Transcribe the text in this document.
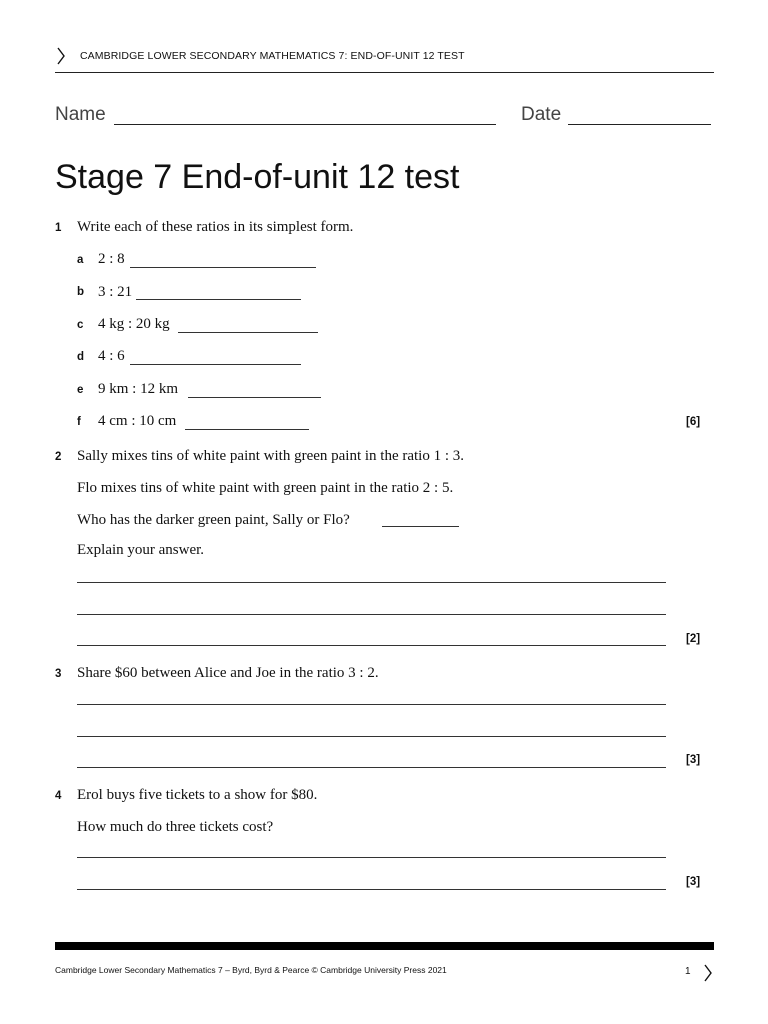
CAMBRIDGE LOWER SECONDARY MATHEMATICS 7: END-OF-UNIT 12 TEST
Name	Date
Stage 7 End-of-unit 12 test
1 Write each of these ratios in its simplest form.
a 2 : 8
b 3 : 21
c 4 kg : 20 kg
d 4 : 6
e 9 km : 12 km
f 4 cm : 10 cm	[6]
2 Sally mixes tins of white paint with green paint in the ratio 1 : 3.
Flo mixes tins of white paint with green paint in the ratio 2 : 5.
Who has the darker green paint, Sally or Flo?
Explain your answer.
[2]
3 Share $60 between Alice and Joe in the ratio 3 : 2.
[3]
4 Erol buys five tickets to a show for $80.
How much do three tickets cost?
[3]
Cambridge Lower Secondary Mathematics 7 – Byrd, Byrd & Pearce © Cambridge University Press 2021	1
